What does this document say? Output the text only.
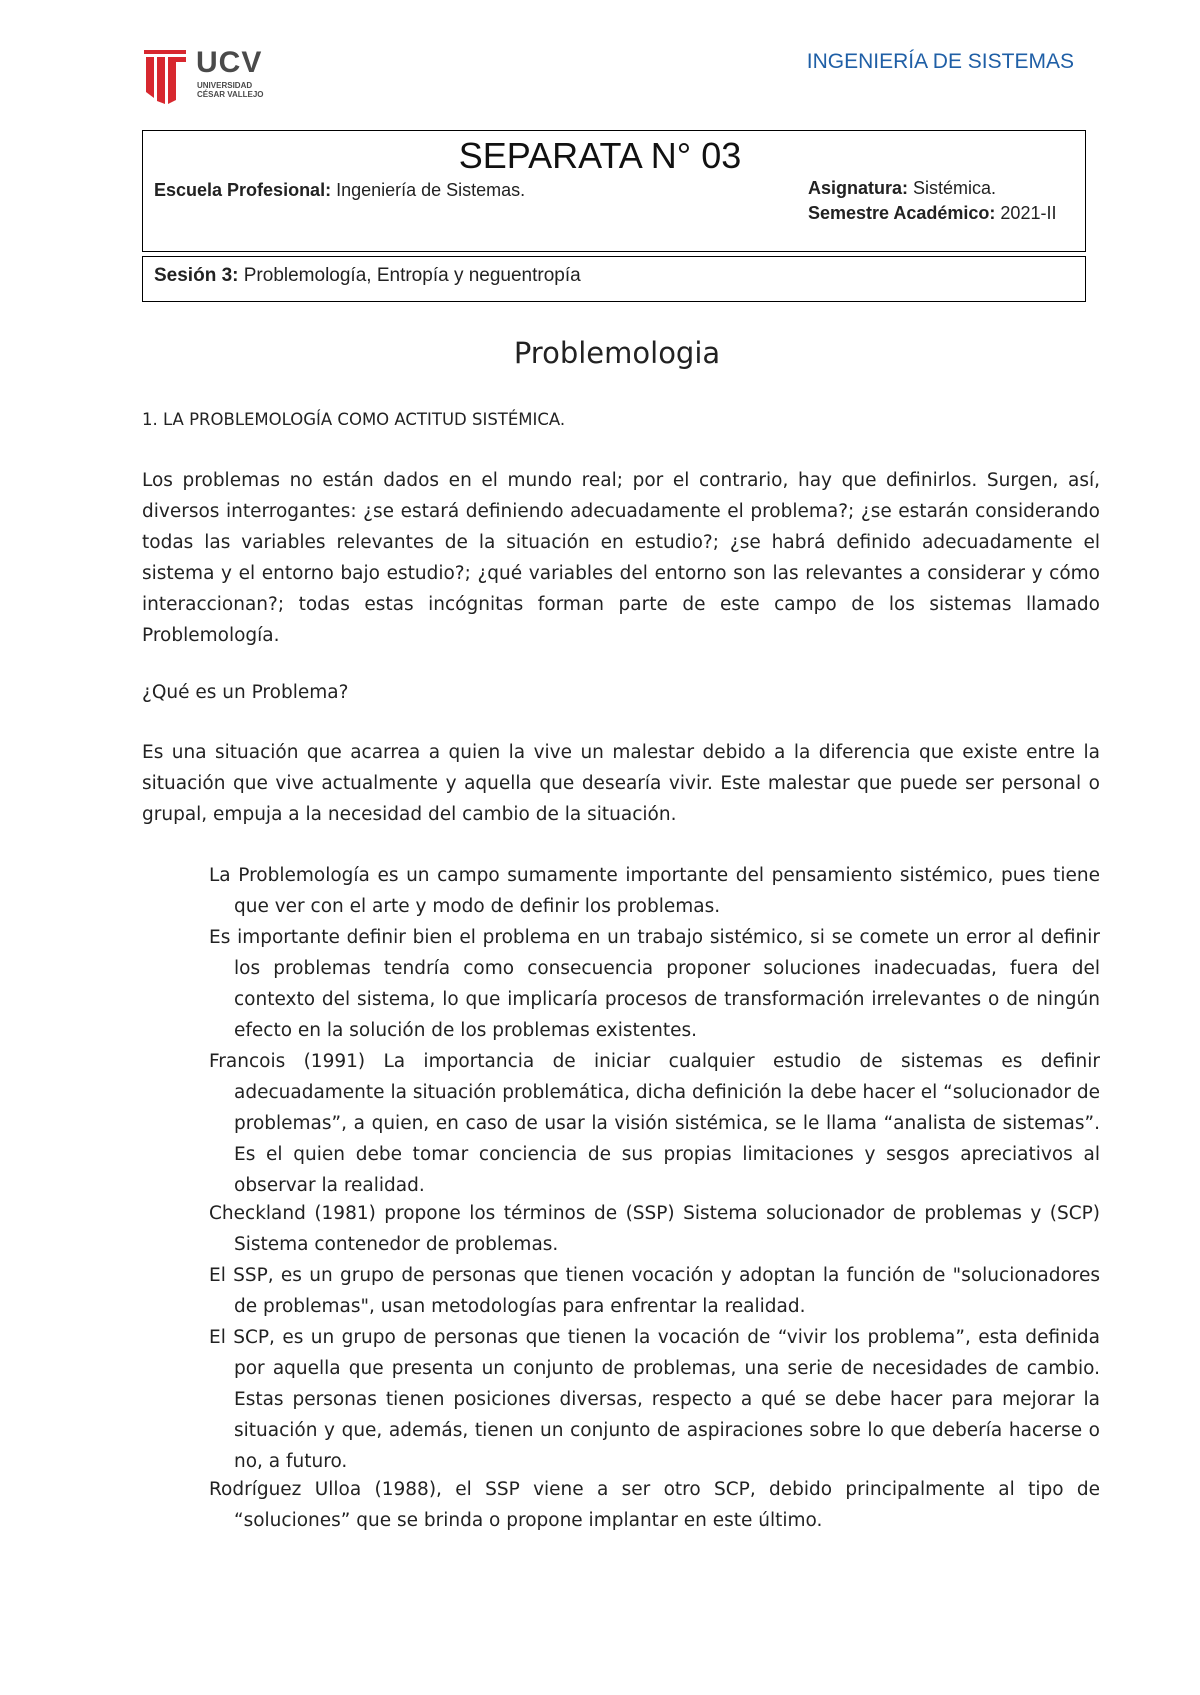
UCV
UNIVERSIDAD
CÉSAR VALLEJO
INGENIERÍA DE SISTEMAS
SEPARATA N° 03
Escuela Profesional: Ingeniería de Sistemas.	Asignatura: Sistémica.
Semestre Académico: 2021-II
Sesión 3: Problemología, Entropía y neguentropía
Problemologia
1. LA PROBLEMOLOGÍA COMO ACTITUD SISTÉMICA.
Los problemas no están dados en el mundo real; por el contrario, hay que definirlos. Surgen, así, diversos interrogantes: ¿se estará definiendo adecuadamente el problema?; ¿se estarán considerando todas las variables relevantes de la situación en estudio?; ¿se habrá definido adecuadamente el sistema y el entorno bajo estudio?; ¿qué variables del entorno son las relevantes a considerar y cómo interaccionan?; todas estas incógnitas forman parte de este campo de los sistemas llamado Problemología.
¿Qué es un Problema?
Es una situación que acarrea a quien la vive un malestar debido a la diferencia que existe entre la situación que vive actualmente y aquella que desearía vivir. Este malestar que puede ser personal o grupal, empuja a la necesidad del cambio de la situación.
La Problemología es un campo sumamente importante del pensamiento sistémico, pues tiene que ver con el arte y modo de definir los problemas.
Es importante definir bien el problema en un trabajo sistémico, si se comete un error al definir los problemas tendría como consecuencia proponer soluciones inadecuadas, fuera del contexto del sistema, lo que implicaría procesos de transformación irrelevantes o de ningún efecto en la solución de los problemas existentes.
Francois (1991) La importancia de iniciar cualquier estudio de sistemas es definir adecuadamente la situación problemática, dicha definición la debe hacer el “solucionador de problemas”, a quien, en caso de usar la visión sistémica, se le llama “analista de sistemas”. Es el quien debe tomar conciencia de sus propias limitaciones y sesgos apreciativos al observar la realidad.
Checkland (1981) propone los términos de (SSP) Sistema solucionador de problemas y (SCP) Sistema contenedor de problemas.
El SSP, es un grupo de personas que tienen vocación y adoptan la función de "solucionadores de problemas", usan metodologías para enfrentar la realidad.
El SCP, es un grupo de personas que tienen la vocación de “vivir los problema”, esta definida por aquella que presenta un conjunto de problemas, una serie de necesidades de cambio. Estas personas tienen posiciones diversas, respecto a qué se debe hacer para mejorar la situación y que, además, tienen un conjunto de aspiraciones sobre lo que debería hacerse o no, a futuro.
Rodríguez Ulloa (1988), el SSP viene a ser otro SCP, debido principalmente al tipo de “soluciones” que se brinda o propone implantar en este último.
